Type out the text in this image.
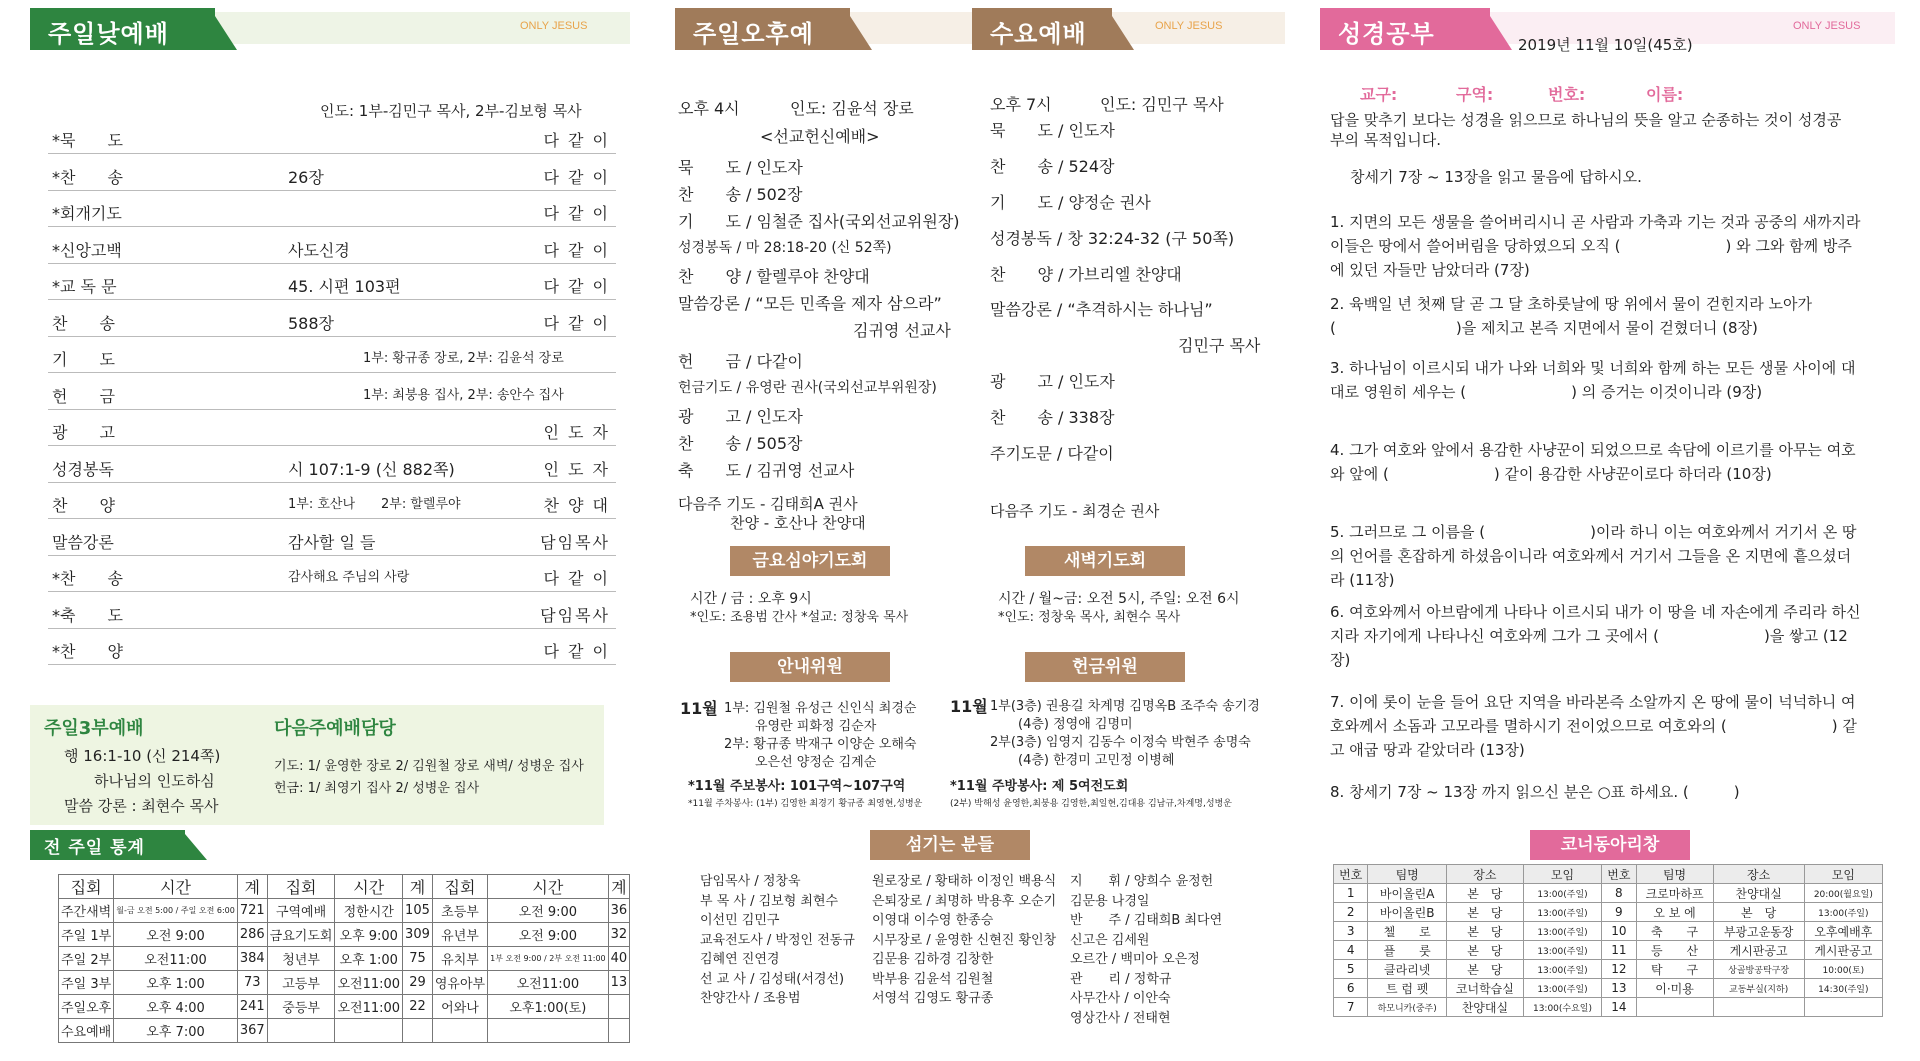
주일낮예배	ONLY JESUS
인도: 1부-김민구 목사, 2부-김보형 목사
*묵　　도	다 같 이
*찬　　송	26장	다 같 이
*회개기도	다 같 이
*신앙고백	사도신경	다 같 이
*교 독 문	45. 시편 103편	다 같 이
찬　　송	588장	다 같 이
기　　도	1부: 황규종 장로, 2부: 김윤석 장로
헌　　금	1부: 최붕용 집사, 2부: 송안수 집사
광　　고	인 도 자
성경봉독	시 107:1-9 (신 882쪽)	인 도 자
찬　　양	1부: 호산나　　2부: 할렐루야	찬 양 대
말씀강론	감사할 일 들	담임목사
*찬　　송	감사해요 주님의 사랑	다 같 이
*축　　도	담임목사
*찬　　양	다 같 이
주일3부예배
행 16:1-10 (신 214쪽)
하나님의 인도하심
말씀 강론 : 최현수 목사
다음주예배담당
기도: 1/ 윤영한 장로 2/ 김원철 장로 새벽/ 성병운 집사
헌금: 1/ 최영기 집사 2/ 성병운 집사
전 주일 통계
집회	시간	계	집회	시간	계	집회	시간	계
주간새벽	월-금 오전 5:00 / 주일 오전 6:00	721	구역예배	정한시간	105	초등부	오전 9:00	36
주일 1부	오전 9:00	286	금요기도회	오후 9:00	309	유년부	오전 9:00	32
주일 2부	오전11:00	384	청년부	오후 1:00	75	유치부	1부 오전 9:00 / 2부 오전 11:00	40
주일 3부	오후 1:00	73	고등부	오전11:00	29	영유아부	오전11:00	13
주일오후	오후 4:00	241	중등부	오전11:00	22	어와나	오후1:00(토)	
수요예배	오후 7:00	367						
주일오후예배
오후 4시	인도: 김윤석 장로
<선교헌신예배>
묵　　도 / 인도자
찬　　송 / 502장
기　　도 / 임철준 집사(국외선교위원장)
성경봉독 / 마 28:18-20 (신 52쪽)
찬　　양 / 할렐루야 찬양대
말씀강론 / “모든 민족을 제자 삼으라”
김귀영 선교사
헌　　금 / 다같이
헌금기도 / 유영란 권사(국외선교부위원장)
광　　고 / 인도자
찬　　송 / 505장
축　　도 / 김귀영 선교사
다음주 기도 - 김태희A 권사
찬양 - 호산나 찬양대
수요예배	ONLY JESUS
오후 7시	인도: 김민구 목사
묵　　도 / 인도자
찬　　송 / 524장
기　　도 / 양정순 권사
성경봉독 / 창 32:24-32 (구 50쪽)
찬　　양 / 가브리엘 찬양대
말씀강론 / “추격하시는 하나님”
김민구 목사
광　　고 / 인도자
찬　　송 / 338장
주기도문 / 다같이
다음주 기도 - 최경순 권사
금요심야기도회
시간 / 금 : 오후 9시
*인도: 조용범 간사 *설교: 정창욱 목사
새벽기도회
시간 / 월~금: 오전 5시, 주일: 오전 6시
*인도: 정창욱 목사, 최현수 목사
안내위원
11월 1부: 김원철 유성근 신인식 최경순
유영란 피화정 김순자
2부: 황규종 박재구 이양순 오해숙
오은선 양정순 김계순
*11월 주보봉사: 101구역~107구역
*11월 주차봉사: (1부) 김영한 최경기 황규종 최영현,성병운
헌금위원
11월 1부(3층) 권용길 차계명 김명옥B 조주숙 송기경
(4층) 정영애 김명미
2부(3층) 임영지 김동수 이정숙 박현주 송명숙
(4층) 한경미 고민정 이병혜
*11월 주방봉사: 제 5여전도회
(2부) 박해성 윤영한,최붕용 김영한,최일현,김대용 김남규,차계명,성병운
섬기는 분들
담임목사 / 정창욱
부 목 사 / 김보형 최현수
이선민 김민구
교육전도사 / 박정인 전동규
김혜연 진연경
선 교 사 / 김성태(서경선)
찬양간사 / 조용범
원로장로 / 황태하 이정인 백용식
은퇴장로 / 최명하 박용후 오순기
이영대 이수영 한종승
시무장로 / 윤영한 신현진 황인창
김문용 김하경 김창한
박부용 김윤석 김원철
서영석 김영도 황규종
지　　휘 / 양희수 윤정헌
김문용 나경일
반　　주 / 김태희B 최다연
신고은 김세원
오르간 / 백미아 오은정
관　　리 / 정학규
사무간사 / 이안숙
영상간사 / 전태현
성경공부	ONLY JESUS
2019년 11월 10일(45호)
교구:	구역:	번호:	이름:
답을 맞추기 보다는 성경을 읽으므로 하나님의 뜻을 알고 순종하는 것이 성경공부의 목적입니다.
창세기 7장 ~ 13장을 읽고 물음에 답하시오.
1. 지면의 모든 생물을 쓸어버리시니 곧 사람과 가축과 기는 것과 공중의 새까지라 이들은 땅에서 쓸어버림을 당하였으되 오직 (　　　　　　　) 와 그와 함께 방주에 있던 자들만 남았더라 (7장)
2. 육백일 년 첫째 달 곧 그 달 초하룻날에 땅 위에서 물이 걷힌지라 노아가 (　　　　　　　　)을 제치고 본즉 지면에서 물이 걷혔더니 (8장)
3. 하나님이 이르시되 내가 나와 너희와 및 너희와 함께 하는 모든 생물 사이에 대대로 영원히 세우는 (　　　　　　　) 의 증거는 이것이니라 (9장)
4. 그가 여호와 앞에서 용감한 사냥꾼이 되었으므로 속담에 이르기를 아무는 여호와 앞에 (　　　　　　　) 같이 용감한 사냥꾼이로다 하더라 (10장)
5. 그러므로 그 이름을 (　　　　　　　)이라 하니 이는 여호와께서 거기서 온 땅의 언어를 혼잡하게 하셨음이니라 여호와께서 거기서 그들을 온 지면에 흩으셨더라 (11장)
6. 여호와께서 아브람에게 나타나 이르시되 내가 이 땅을 네 자손에게 주리라 하신지라 자기에게 나타나신 여호와께 그가 그 곳에서 (　　　　　　　)을 쌓고 (12장)
7. 이에 롯이 눈을 들어 요단 지역을 바라본즉 소알까지 온 땅에 물이 넉넉하니 여호와께서 소돔과 고모라를 멸하시기 전이었으므로 여호와의 (　　　　　　　) 같고 애굽 땅과 같았더라 (13장)
8. 창세기 7장 ~ 13장 까지 읽으신 분은 ○표 하세요. (　　　)
코너동아리창
번호	팀명	장소	모임	번호	팀명	장소	모임
1	바이올린A	본　당	13:00(주일)	8	크로마하프	찬양대실	20:00(월요일)
2	바이올린B	본　당	13:00(주일)	9	오 보 에	본　당	13:00(주일)
3	첼　　로	본　당	13:00(주일)	10	축　　구	부광고운동장	오후예배후
4	플　　룻	본　당	13:00(주일)	11	등　　산	게시판공고	게시판공고
5	클라리넷	본　당	13:00(주일)	12	탁　　구	상골방공탁구장	10:00(토)
6	트 럼 펫	코너학습실	13:00(주일)	13	이·미용	교동부실(지하)	14:30(주일)
7	하모니카(중주)	찬양대실	13:00(수요일)	14			
